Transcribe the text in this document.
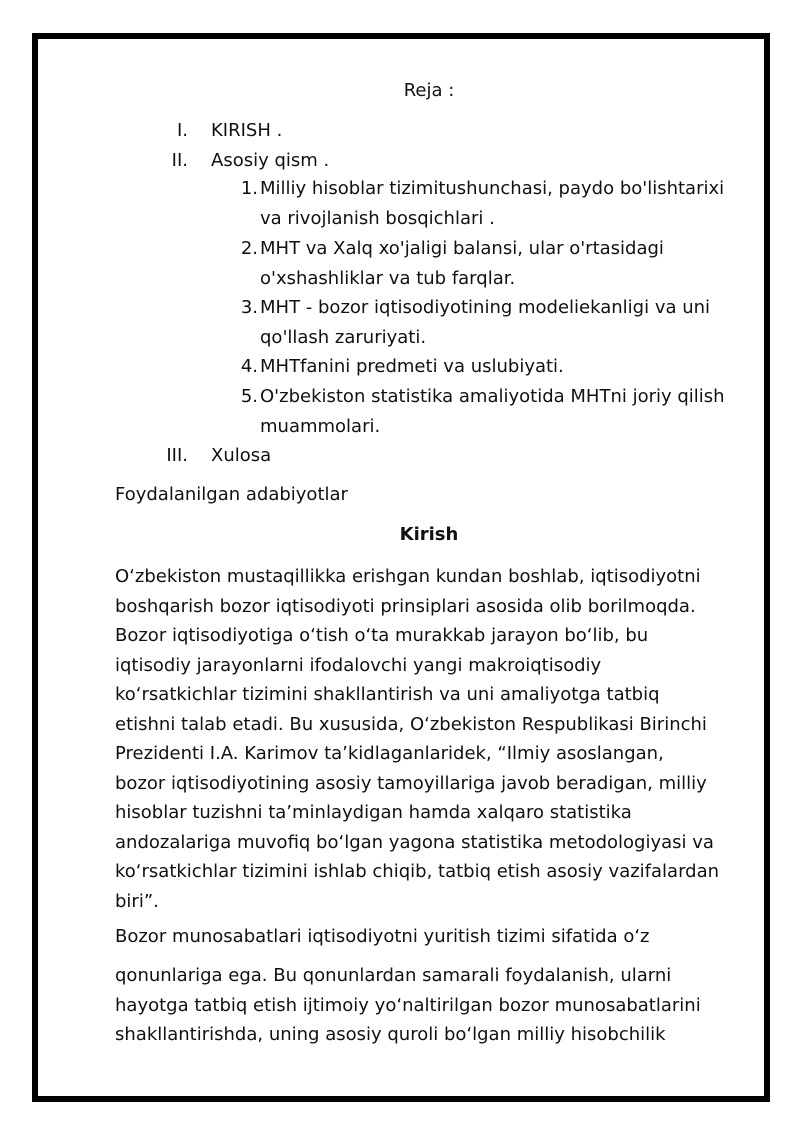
Reja :
I. KIRISH .
II. Asosiy qism .
1. Milliy hisoblar tizimitushunchasi, paydo bo'lishtarixi
va rivojlanish bosqichlari .
2. MHT va Xalq xo'jaligi balansi, ular o'rtasidagi
o'xshashliklar va tub farqlar.
3. MHT - bozor iqtisodiyotining modeliekanligi va uni
qo'llash zaruriyati.
4. MHTfanini predmeti va uslubiyati.
5. O'zbekiston statistika amaliyotida MHTni joriy qilish
muammolari.
III. Xulosa
Foydalanilgan adabiyotlar
Kirish
O‘zbekiston mustaqillikka erishgan kundan boshlab, iqtisodiyotni
boshqarish bozor iqtisodiyoti prinsiplari asosida olib borilmoqda.
Bozor iqtisodiyotiga o‘tish o‘ta murakkab jarayon bo‘lib, bu
iqtisodiy jarayonlarni ifodalovchi yangi makroiqtisodiy
ko‘rsatkichlar tizimini shakllantirish va uni amaliyotga tatbiq
etishni talab etadi. Bu xususida, O‘zbekiston Respublikasi Birinchi
Prezidenti I.A. Karimov ta’kidlaganlaridek, “Ilmiy asoslangan,
bozor iqtisodiyotining asosiy tamoyillariga javob beradigan, milliy
hisoblar tuzishni ta’minlaydigan hamda xalqaro statistika
andozalariga muvofiq bo‘lgan yagona statistika metodologiyasi va
ko‘rsatkichlar tizimini ishlab chiqib, tatbiq etish asosiy vazifalardan
biri”.
Bozor munosabatlari iqtisodiyotni yuritish tizimi sifatida o‘z
qonunlariga ega. Bu qonunlardan samarali foydalanish, ularni
hayotga tatbiq etish ijtimoiy yo‘naltirilgan bozor munosabatlarini
shakllantirishda, uning asosiy quroli bo‘lgan milliy hisobchilik
